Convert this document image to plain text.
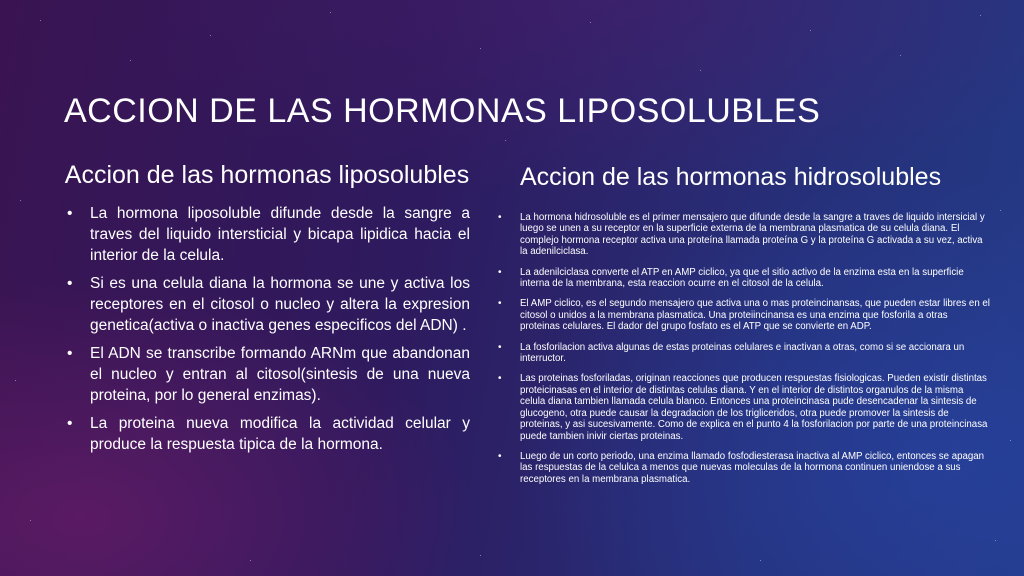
ACCION DE LAS HORMONAS LIPOSOLUBLES
Accion de las hormonas liposolubles
• La hormona liposoluble difunde desde la sangre a traves del liquido intersticial y bicapa lipidica hacia el interior de la celula.
• Si es una celula diana la hormona se une y activa los receptores en el citosol o nucleo y altera la expresion genetica(activa o inactiva genes especificos del ADN) .
• El ADN se transcribe formando ARNm que abandonan el nucleo y entran al citosol(sintesis de una nueva proteina, por lo general enzimas).
• La proteina nueva modifica la actividad celular y produce la respuesta tipica de la hormona.
Accion de las hormonas hidrosolubles
• La hormona hidrosoluble es el primer mensajero que difunde desde la sangre a traves de liquido intersicial y luego se unen a su receptor en la superficie externa de la membrana plasmatica de su celula diana. El complejo hormona receptor activa una proteína llamada proteína G y la proteína G activada a su vez, activa la adenilciclasa.
• La adenilciclasa converte el ATP en AMP ciclico, ya que el sitio activo de la enzima esta en la superficie interna de la membrana, esta reaccion ocurre en el citosol de la celula.
• El AMP ciclico, es el segundo mensajero que activa una o mas proteincinansas, que pueden estar libres en el citosol o unidos a la membrana plasmatica. Una proteiincinansa es una enzima que fosforila a otras proteinas celulares. El dador del grupo fosfato es el ATP que se convierte en ADP.
• La fosforilacion activa algunas de estas proteinas celulares e inactivan a otras, como si se accionara un interructor.
• Las proteinas fosforiladas, originan reacciones que producen respuestas fisiologicas. Pueden existir distintas proteicinasas en el interior de distintas celulas diana. Y en el interior de distintos organulos de la misma celula diana tambien llamada celula blanco. Entonces una proteincinasa pude desencadenar la sintesis de glucogeno, otra puede causar la degradacion de los trigliceridos, otra puede promover la sintesis de proteinas, y asi sucesivamente. Como de explica en el punto 4 la fosforilacion por parte de una proteincinasa puede tambien inivir ciertas proteinas.
• Luego de un corto periodo, una enzima llamado fosfodiesterasa inactiva al AMP ciclico, entonces se apagan las respuestas de la celulca a menos que nuevas moleculas de la hormona continuen uniendose a sus receptores en la membrana plasmatica.
